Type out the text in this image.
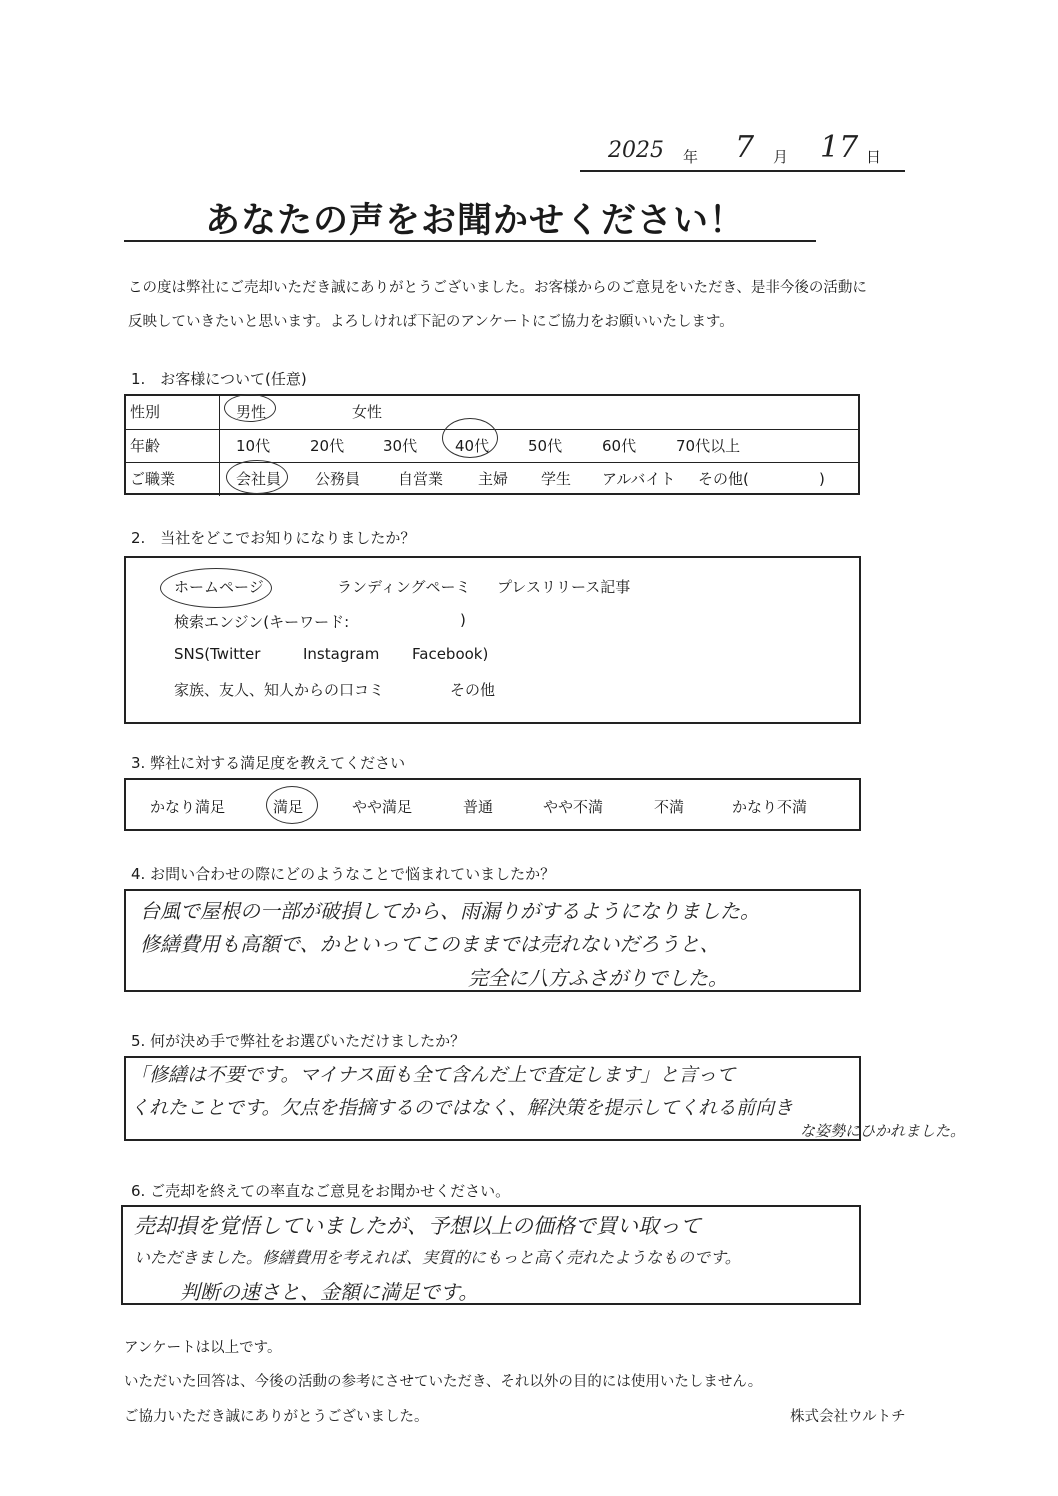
2025 年 7 月 17 日
あなたの声をお聞かせください！
この度は弊社にご売却いただき誠にありがとうございました。お客様からのご意見をいただき、是非今後の活動に
反映していきたいと思います。よろしければ下記のアンケートにご協力をお願いいたします。
1.　お客様について(任意)
性別	男性	女性
年齢	10代	20代	30代	40代	50代	60代	70代以上
ご職業	会社員 公務員	自営業 主婦 学生 アルバイト その他(	)
2.　当社をどこでお知りになりましたか？
ホームページ	ランディングペーミ プレスリリース記事
検索エンジン(キーワード:	)
SNS(Twitter	Instagram Facebook)
家族、友人、知人からの口コミ	その他
3. 弊社に対する満足度を教えてください
かなり満足	満足	やや満足	普通	やや不満	不満	かなり不満
4. お問い合わせの際にどのようなことで悩まれていましたか？
台風で屋根の一部が破損してから、雨漏りがするようになりました。
修繕費用も高額で、かといってこのままでは売れないだろうと、
完全に八方ふさがりでした。
5. 何が決め手で弊社をお選びいただけましたか？
「修繕は不要です。マイナス面も全て含んだ上で査定します」と言って
くれたことです。欠点を指摘するのではなく、解決策を提示してくれる前向き
な姿勢にひかれました。
6. ご売却を終えての率直なご意見をお聞かせください。
売却損を覚悟していましたが、予想以上の価格で買い取って
いただきました。修繕費用を考えれば、実質的にもっと高く売れたようなものです。
判断の速さと、金額に満足です。
アンケートは以上です。
いただいた回答は、今後の活動の参考にさせていただき、それ以外の目的には使用いたしません。
ご協力いただき誠にありがとうございました。	株式会社ウルトチ
